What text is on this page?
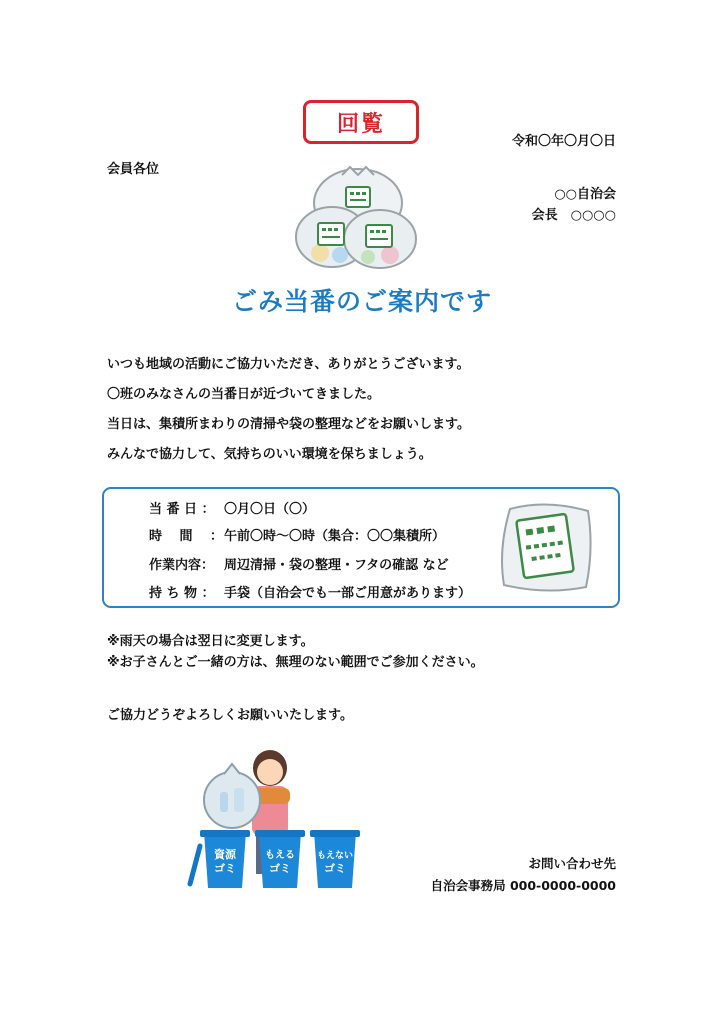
回覧
令和〇年〇月〇日
会員各位
○○自治会
会長　○○○○
ごみ当番のご案内です
いつも地域の活動にご協力いただき、ありがとうございます。
〇班のみなさんの当番日が近づいてきました。
当日は、集積所まわりの清掃や袋の整理などをお願いします。
みんなで協力して、気持ちのいい環境を保ちましょう。
当 番 日 ： 〇月〇日（〇）
時　 間　 ：午前〇時～〇時（集合：〇〇集積所）
作業内容： 周辺清掃・袋の整理・フタの確認 など
持 ち 物 ： 手袋（自治会でも一部ご用意があります）
※雨天の場合は翌日に変更します。
※お子さんとご一緒の方は、無理のない範囲でご参加ください。
ご協力どうぞよろしくお願いいたします。
資源
ゴミ
もえる
ゴミ
もえない
ゴミ	お問い合わせ先
自治会事務局 000-0000-0000
